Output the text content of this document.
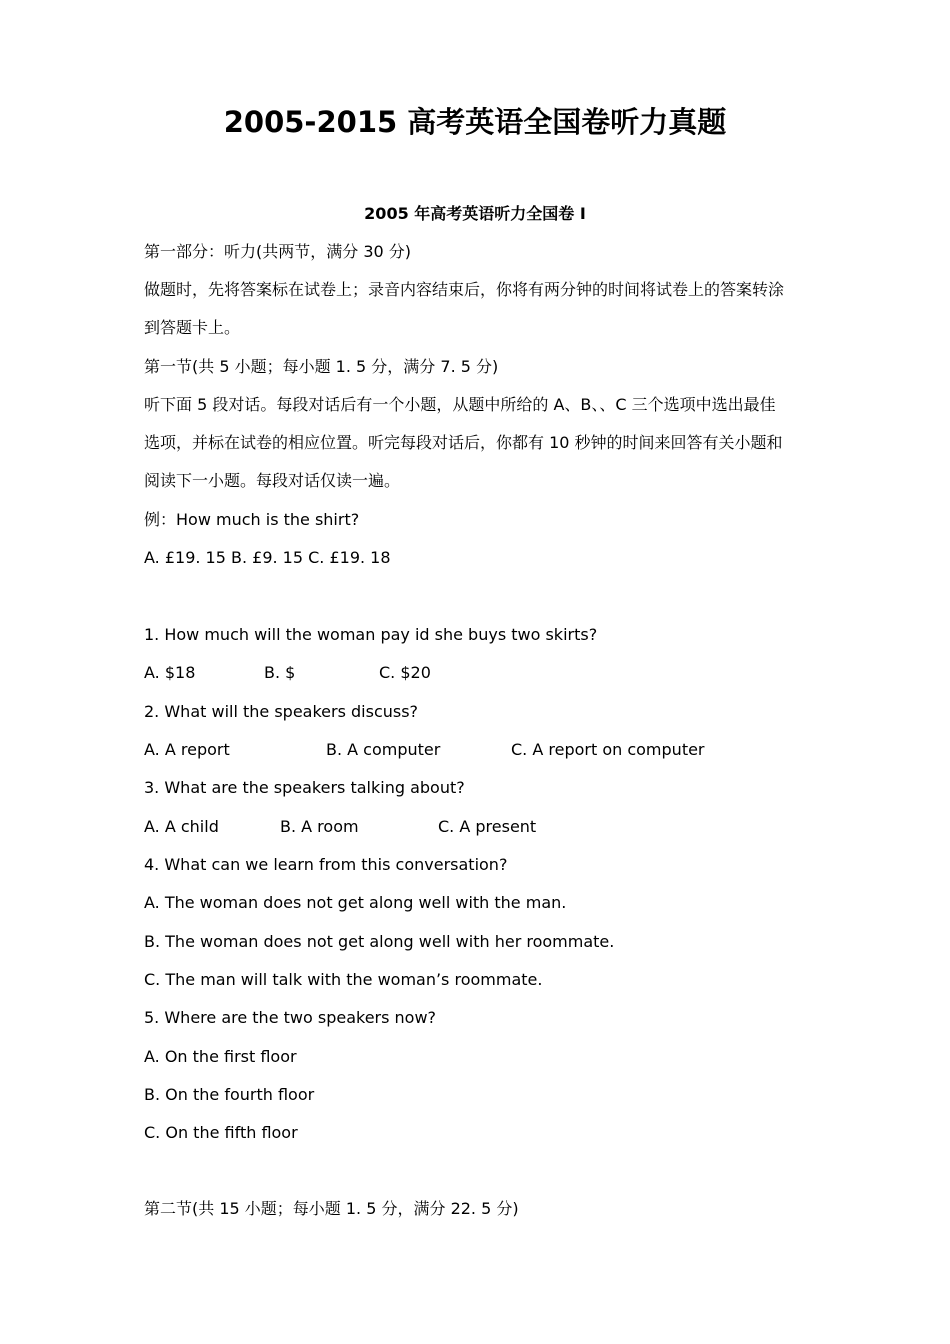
2005-2015 高考英语全国卷听力真题
2005 年高考英语听力全国卷 I
第一部分：听力(共两节，满分 30 分)
做题时，先将答案标在试卷上；录音内容结束后，你将有两分钟的时间将试卷上的答案转涂
到答题卡上。
第一节(共 5 小题；每小题 1. 5 分，满分 7. 5 分)
听下面 5 段对话。每段对话后有一个小题，从题中所给的 A、B、、C 三个选项中选出最佳
选项，并标在试卷的相应位置。听完每段对话后，你都有 10 秒钟的时间来回答有关小题和
阅读下一小题。每段对话仅读一遍。
例：How much is the shirt?
A. £19. 15 B. £9. 15 C. £19. 18
1. How much will the woman pay id she buys two skirts?
A. $18	B. $	C. $20
2. What will the speakers discuss?
A. A report	B. A computer	C. A report on computer
3. What are the speakers talking about?
A. A child	B. A room	C. A present
4. What can we learn from this conversation?
A. The woman does not get along well with the man.
B. The woman does not get along well with her roommate.
C. The man will talk with the woman’s roommate.
5. Where are the two speakers now?
A. On the first floor
B. On the fourth floor
C. On the fifth floor
第二节(共 15 小题；每小题 1. 5 分，满分 22. 5 分)
